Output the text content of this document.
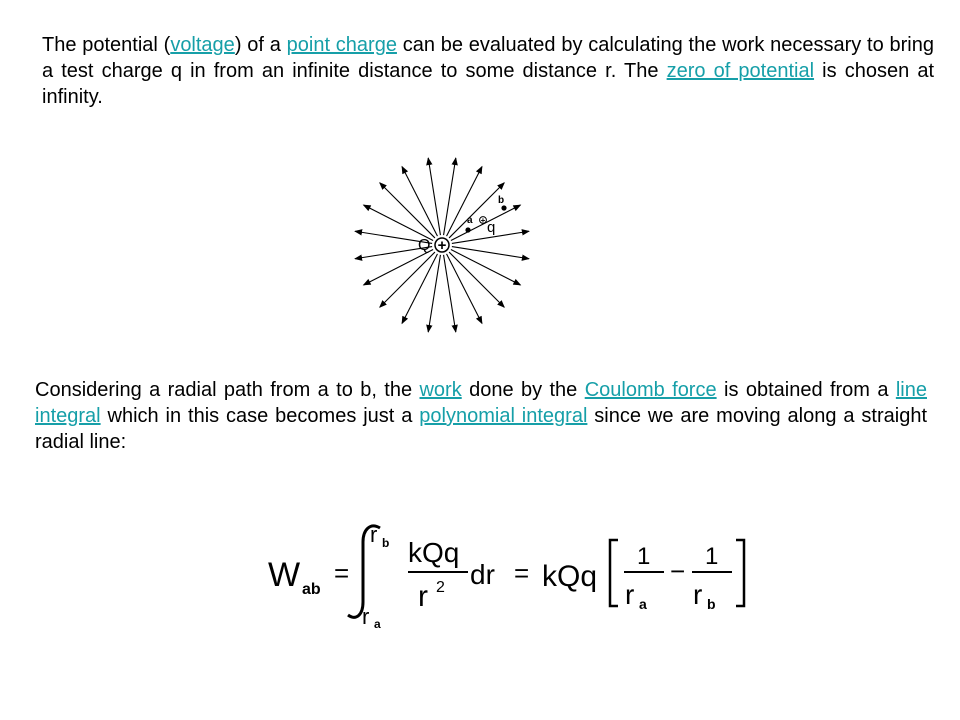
The potential (voltage) of a point charge can be evaluated by calculating the work necessary to bring a test charge q in from an infinite distance to some distance r. The zero of potential is chosen at infinity.

+
Q
a + q
b

Considering a radial path from a to b, the work done by the Coulomb force is obtained from a line integral which in this case becomes just a polynomial integral since we are moving along a straight radial line:

W ab
=
r b
r a
kQq
r 2 dr = kQq
1
r a
− 1
r b
